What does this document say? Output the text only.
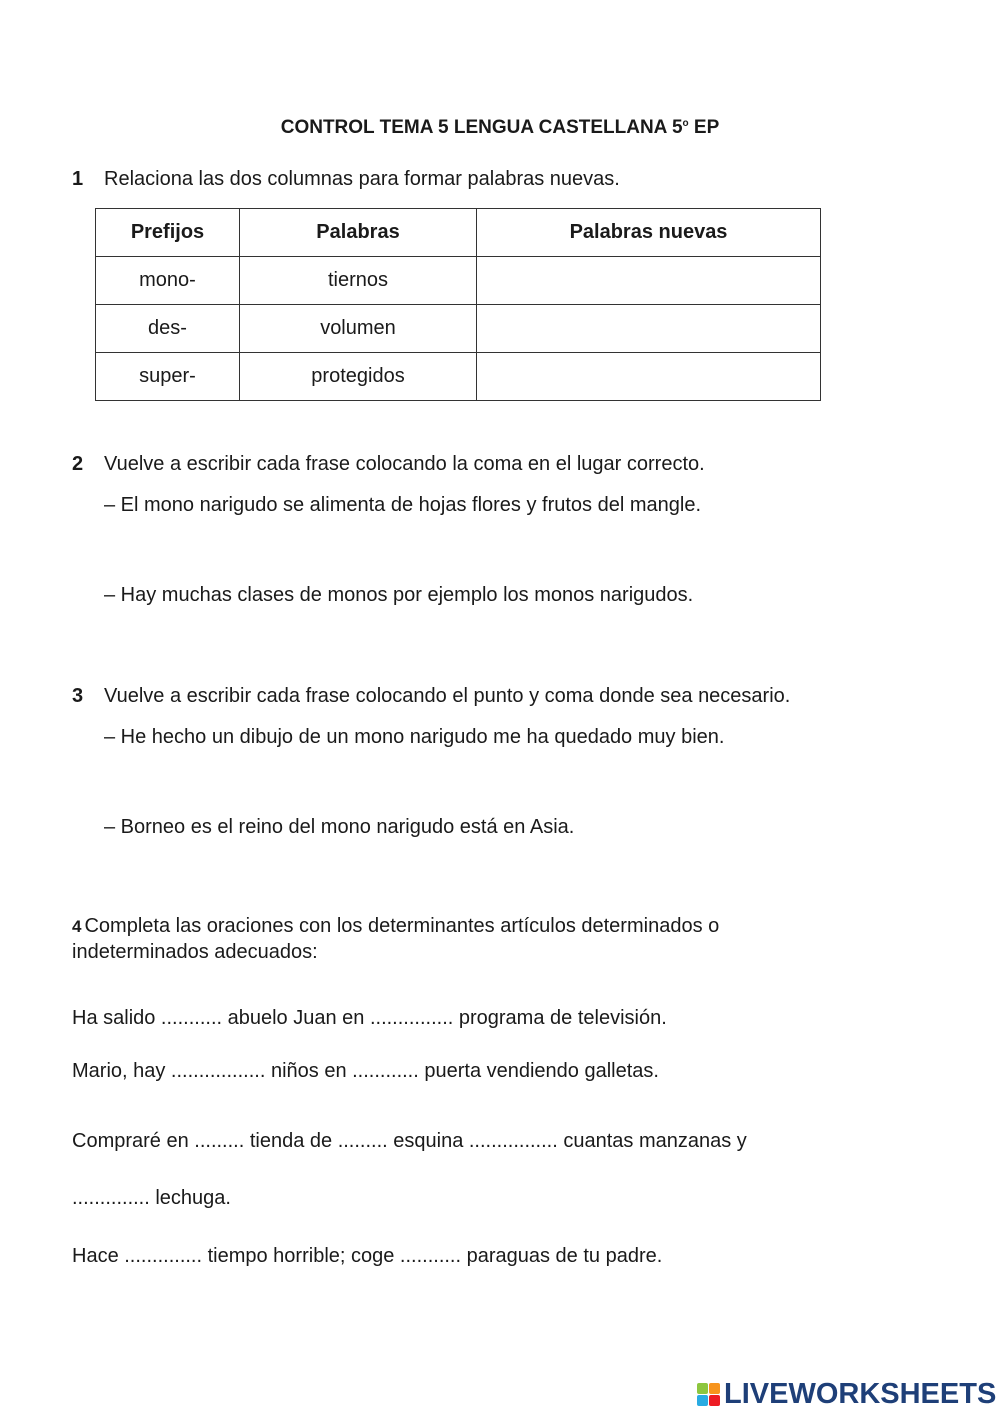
CONTROL TEMA 5 LENGUA CASTELLANA 5$^o$ EP
1 Relaciona las dos columnas para formar palabras nuevas.
Prefijos	Palabras	Palabras nuevas
mono-	tiernos	
des-	volumen	
super-	protegidos	
2 Vuelve a escribir cada frase colocando la coma en el lugar correcto.
– El mono narigudo se alimenta de hojas flores y frutos del mangle.
– Hay muchas clases de monos por ejemplo los monos narigudos.
3 Vuelve a escribir cada frase colocando el punto y coma donde sea necesario.
– He hecho un dibujo de un mono narigudo me ha quedado muy bien.
– Borneo es el reino del mono narigudo está en Asia.
4 Completa las oraciones con los determinantes artículos determinados o
indeterminados adecuados:
Ha salido ........... abuelo Juan en ............... programa de televisión.
Mario, hay ................. niños en ............ puerta vendiendo galletas.
Compraré en ......... tienda de ......... esquina ................ cuantas manzanas y
.............. lechuga.
Hace .............. tiempo horrible; coge ........... paraguas de tu padre.
LIVEWORKSHEETS
